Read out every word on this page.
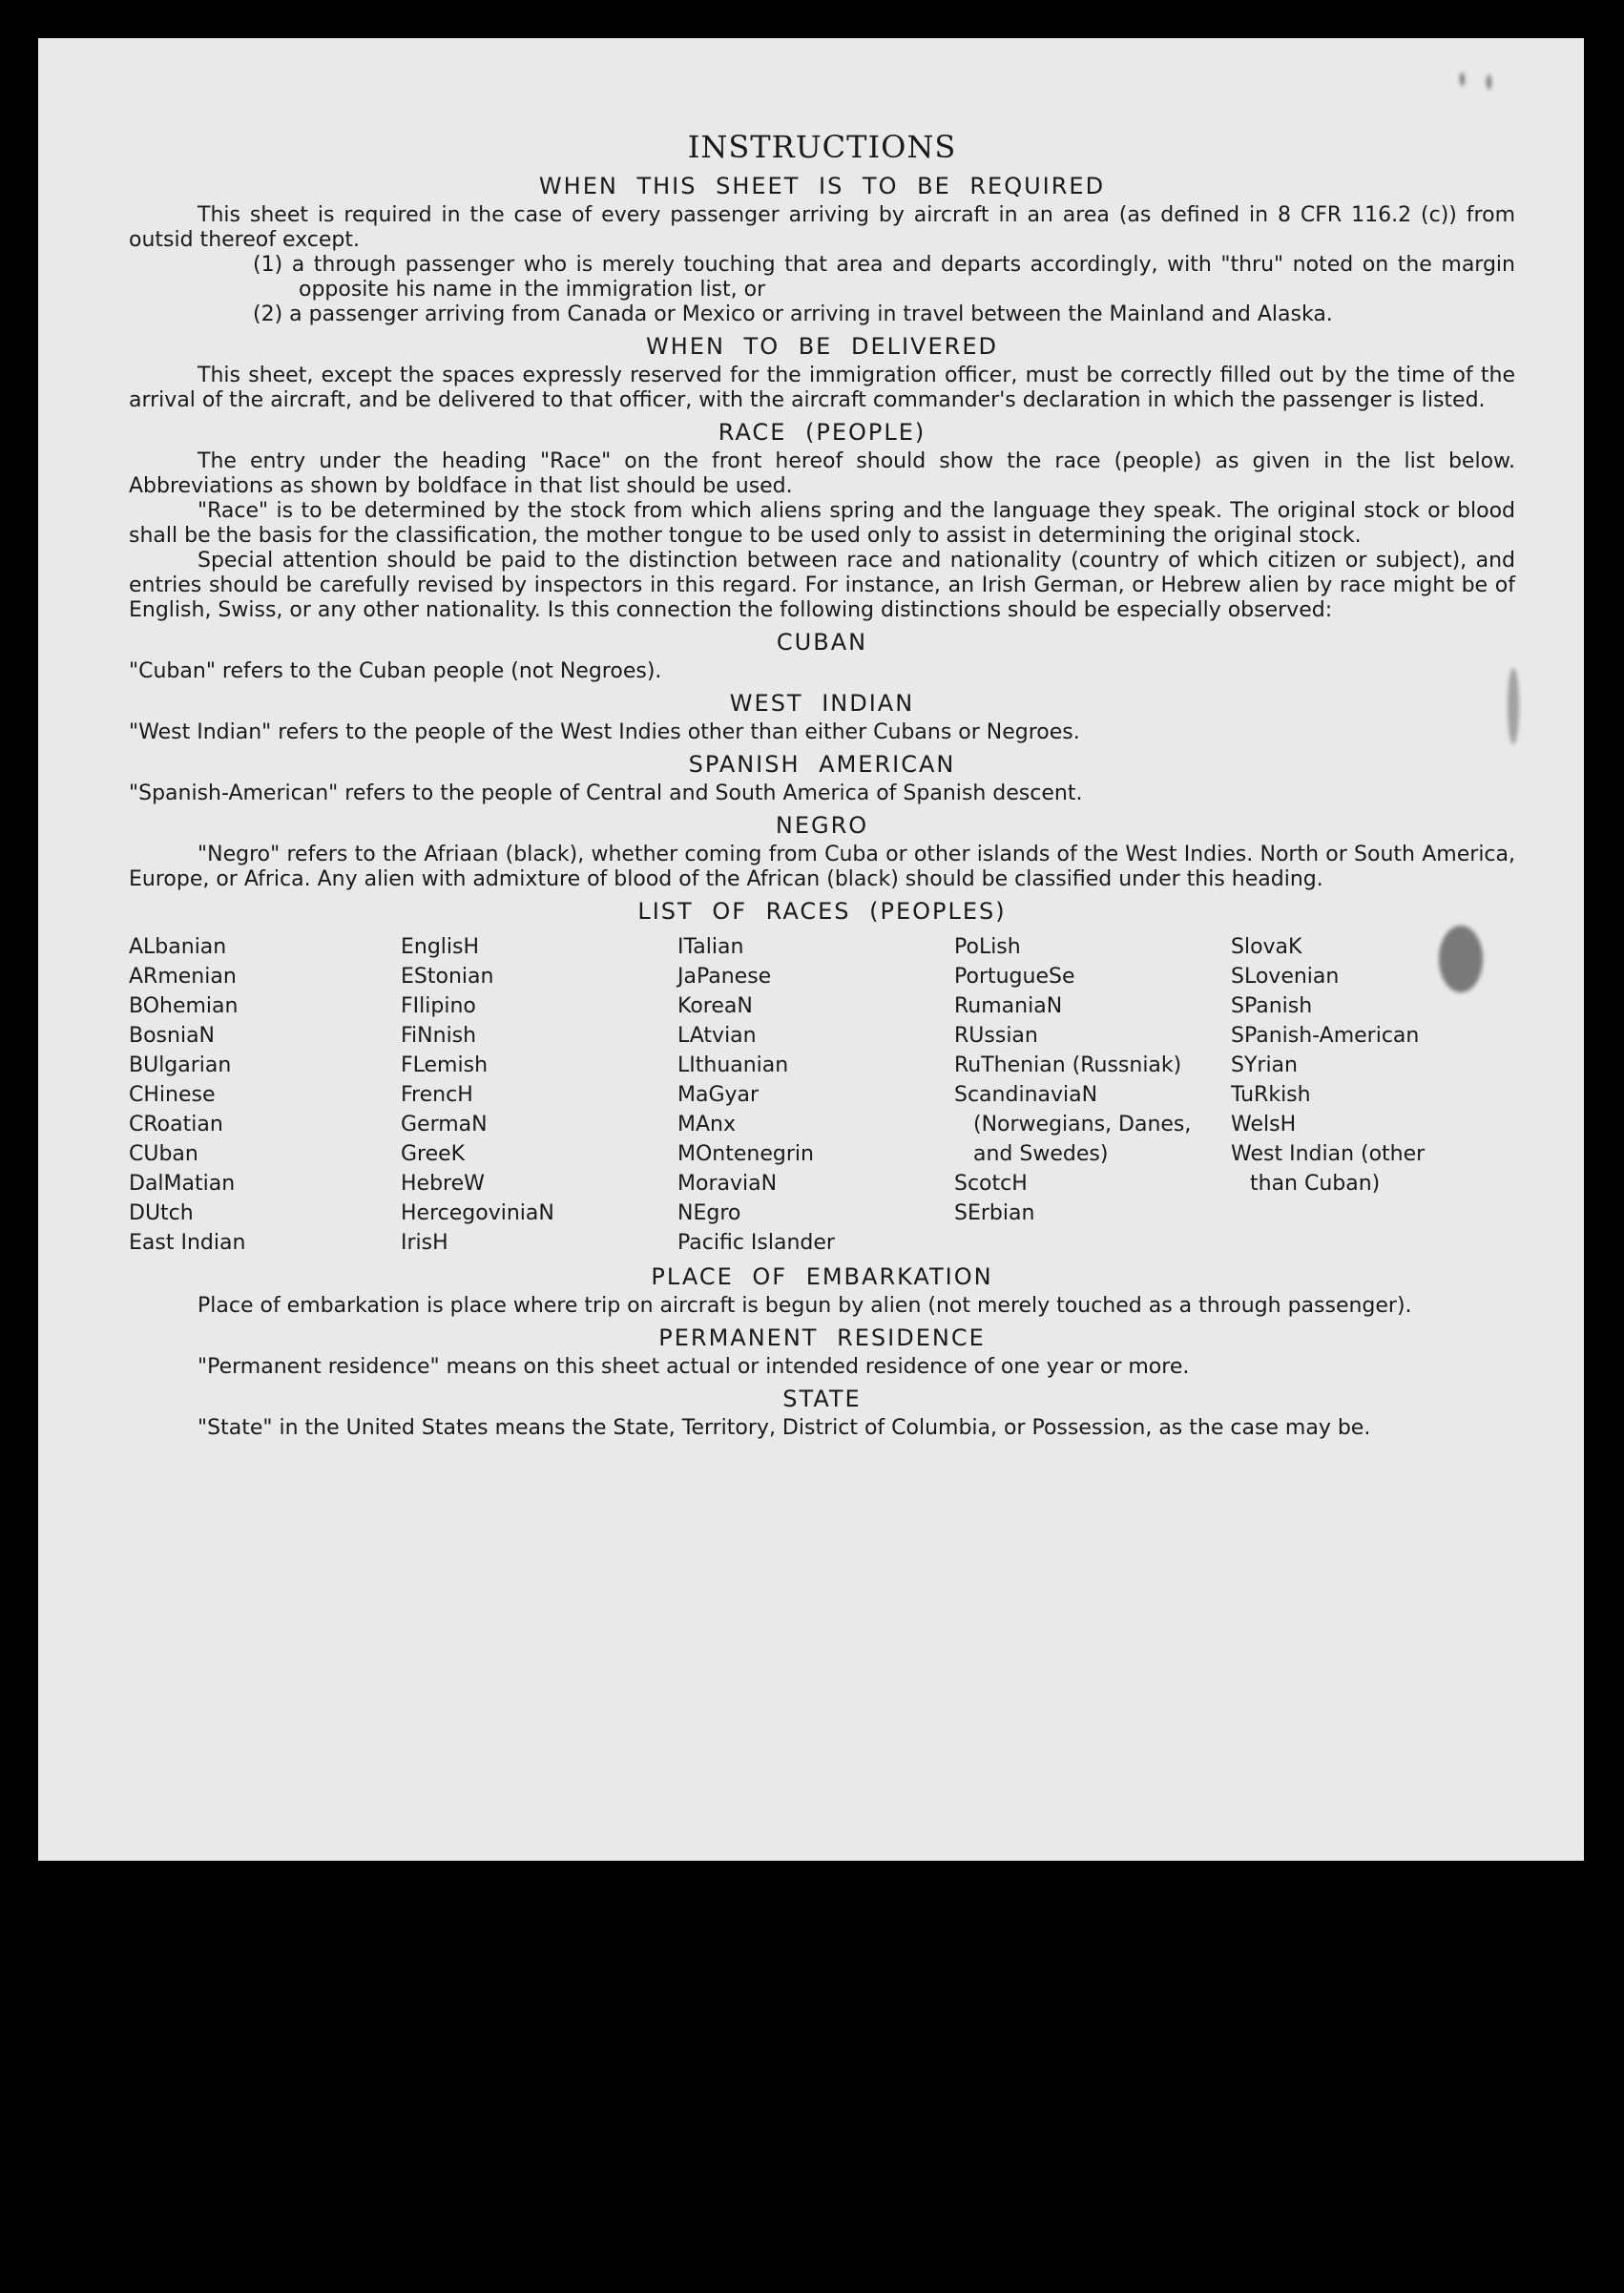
INSTRUCTIONS
WHEN THIS SHEET IS TO BE REQUIRED

This sheet is required in the case of every passenger arriving by aircraft in an area (as defined in 8 CFR 116.2 (c)) from outsid thereof except.

(1) a through passenger who is merely touching that area and departs accordingly, with "thru" noted on the margin opposite his name in the immigration list, or
(2) a passenger arriving from Canada or Mexico or arriving in travel between the Mainland and Alaska.
WHEN TO BE DELIVERED

This sheet, except the spaces expressly reserved for the immigration officer, must be correctly filled out by the time of the arrival of the aircraft, and be delivered to that officer, with the aircraft commander's declaration in which the passenger is listed.

RACE (PEOPLE)

The entry under the heading "Race" on the front hereof should show the race (people) as given in the list below. Abbreviations as shown by boldface in that list should be used.

"Race" is to be determined by the stock from which aliens spring and the language they speak. The original stock or blood shall be the basis for the classification, the mother tongue to be used only to assist in determining the original stock.

Special attention should be paid to the distinction between race and nationality (country of which citizen or subject), and entries should be carefully revised by inspectors in this regard. For instance, an Irish German, or Hebrew alien by race might be of English, Swiss, or any other nationality. Is this connection the following distinctions should be especially observed:

CUBAN

"Cuban" refers to the Cuban people (not Negroes).

WEST INDIAN

"West Indian" refers to the people of the West Indies other than either Cubans or Negroes.

SPANISH AMERICAN

"Spanish-American" refers to the people of Central and South America of Spanish descent.

NEGRO

"Negro" refers to the Afriaan (black), whether coming from Cuba or other islands of the West Indies. North or South America, Europe, or Africa. Any alien with admixture of blood of the African (black) should be classified under this heading.

LIST OF RACES (PEOPLES)
ALbanian
ARmenian
BOhemian
BosniaN
BUlgarian
CHinese
CRoatian
CUban
DalMatian
DUtch
East Indian
EnglisH
EStonian
FIlipino
FiNnish
FLemish
FrencH
GermaN
GreeK
HebreW
HercegoviniaN
IrisH
ITalian
JaPanese
KoreaN
LAtvian
LIthuanian
MaGyar
MAnx
MOntenegrin
MoraviaN
NEgro
Pacific Islander
PoLish
PortugueSe
RumaniaN
RUssian
RuThenian (Russniak)
ScandinaviaN (Norwegians, Danes, and Swedes)
ScotcH
SErbian
SlovaK
SLovenian
SPanish
SPanish-American
SYrian
TuRkish
WelsH
West Indian (other than Cuban)
PLACE OF EMBARKATION

Place of embarkation is place where trip on aircraft is begun by alien (not merely touched as a through passenger).

PERMANENT RESIDENCE

"Permanent residence" means on this sheet actual or intended residence of one year or more.

STATE

"State" in the United States means the State, Territory, District of Columbia, or Possession, as the case may be.
